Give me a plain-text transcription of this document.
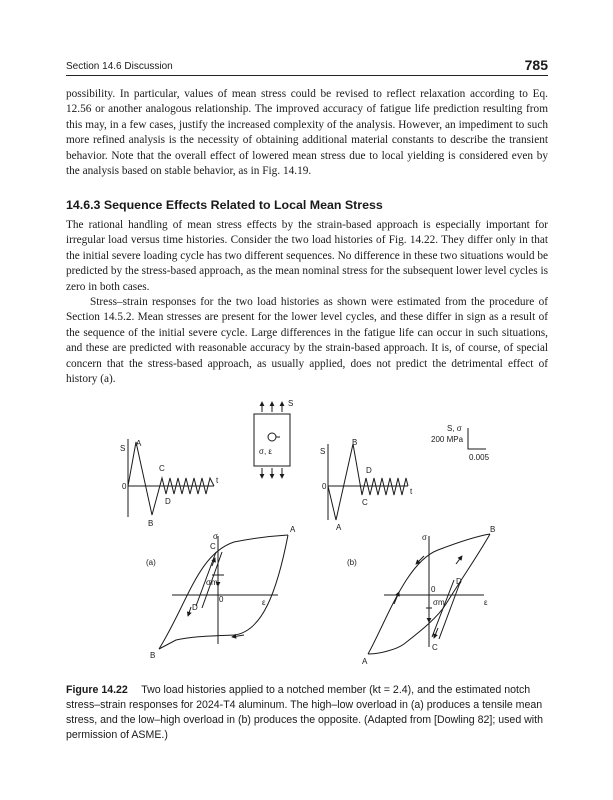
Section 14.6 Discussion	785

possibility. In particular, values of mean stress could be revised to reflect relaxation according to Eq. 12.56 or another analogous relationship. The improved accuracy of fatigue life prediction resulting from this may, in a few cases, justify the increased complexity of the analysis. However, an impediment to such more refined analysis is the necessity of obtaining additional material constants to describe the transient behavior. Note that the overall effect of lowered mean stress due to local yielding is considered even by the analysis based on stable behavior, as in Fig. 14.19.

14.6.3 Sequence Effects Related to Local Mean Stress

The rational handling of mean stress effects by the strain-based approach is especially important for irregular load versus time histories. Consider the two load histories of Fig. 14.22. They differ only in that the initial severe loading cycle has two different sequences. No difference in these two situations would be predicted by the stress-based approach, as the mean nominal stress for the subsequent lower level cycles is zero in both cases.

Stress–strain responses for the two load histories as shown were estimated from the procedure of Section 14.5.2. Mean stresses are present for the lower level cycles, and these differ in sign as a result of the sequence of the initial severe cycle. Large differences in the fatigue life can occur in such situations, and these are predicted with reasonable accuracy by the strain-based approach. It is, of course, of special concern that the stress-based approach, as usually applied, does not predict the detrimental effect of history (a).

S
σ, ε
S, σ
200 MPa
0.005
S
A
C
0
D
t
B
S
B
D
0
C
t
A
(a)
σ
C
σm
0
D
ε
A
B
(b)
σ
B
D
0
σm	ε
C
A
Figure 14.22  Two load histories applied to a notched member (kt = 2.4), and the estimated notch stress–strain responses for 2024-T4 aluminum. The high–low overload in (a) produces a tensile mean stress, and the low–high overload in (b) produces the opposite. (Adapted from [Dowling 82]; used with permission of ASME.)
